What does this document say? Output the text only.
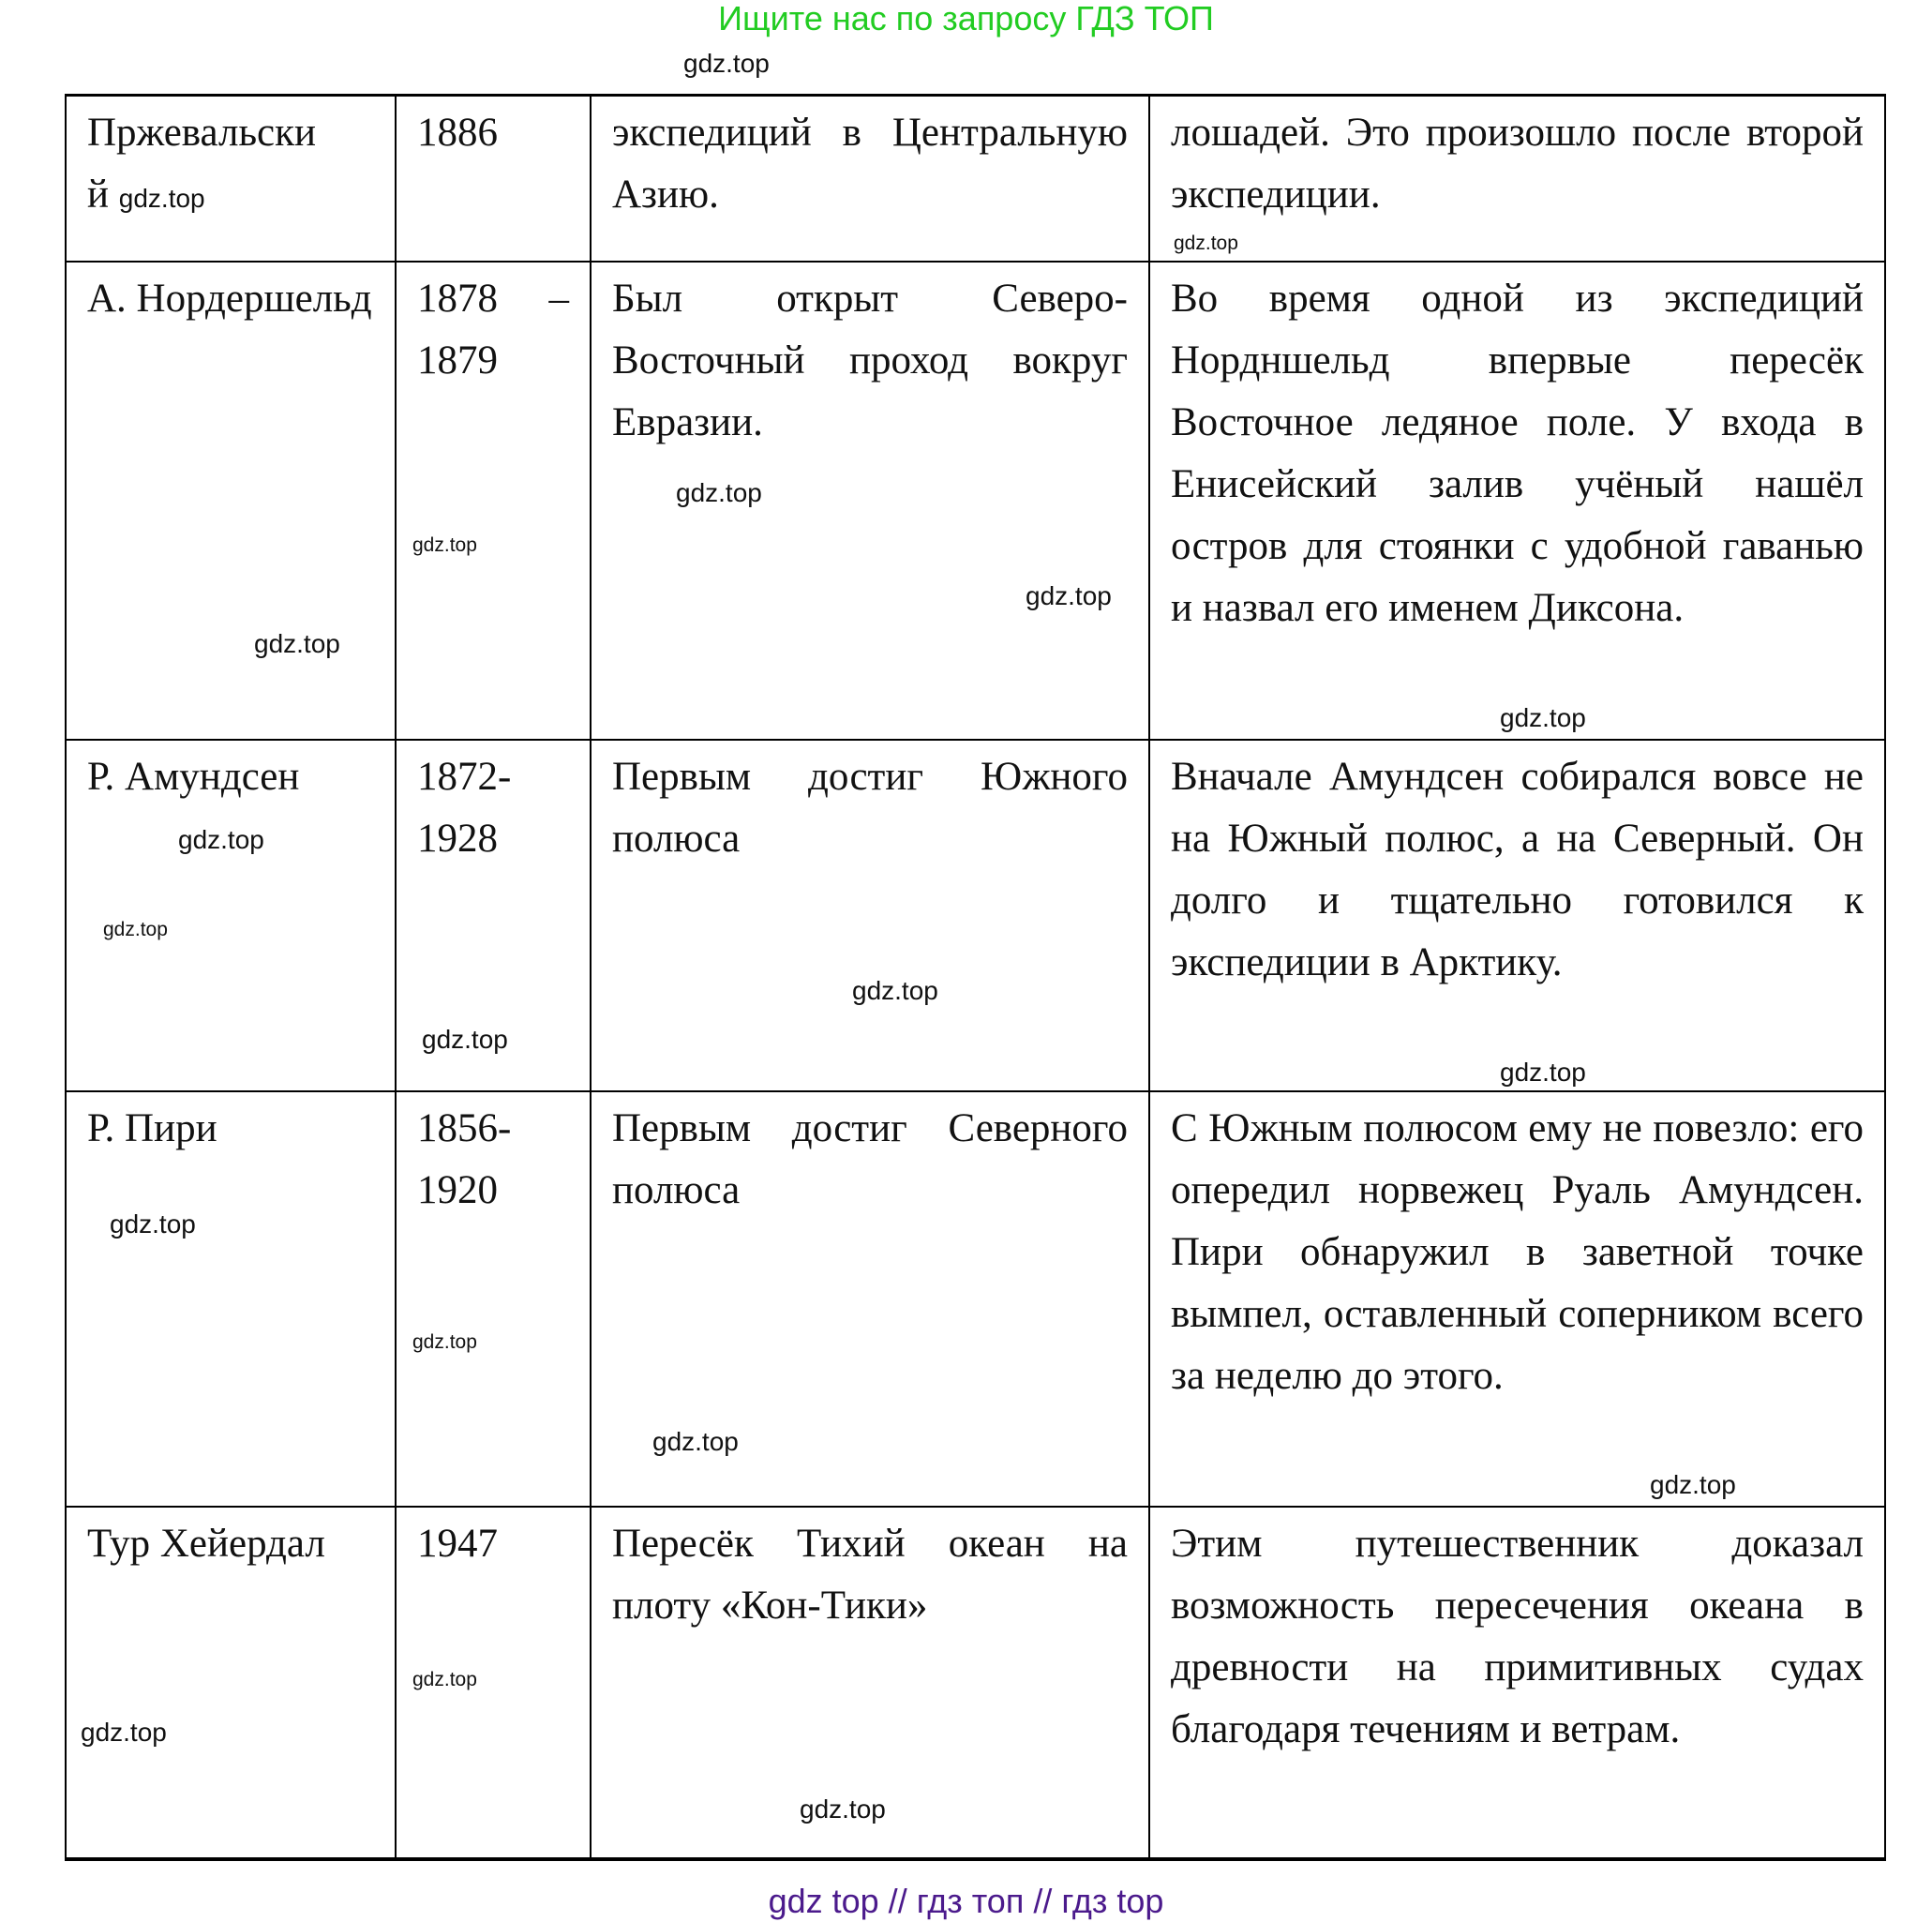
Ищите нас по запросу ГДЗ ТОП
Пржевальски
й gdz.top	1886	экспедиций в Центральную Азию.	лошадей. Это произошло после второй экспедиции.
А. Нордершельд	1878 – 1879	Был открыт Северо-Восточный проход вокруг Евразии.	Во время одной из экспедиций Нордншельд впервые пересёк Восточное ледяное поле. У входа в Енисейский залив учёный нашёл остров для стоянки с удобной гаванью и назвал его именем Диксона.
Р. Амундсен	1872-1928	Первым достиг Южного полюса	Вначале Амундсен собирался вовсе не на Южный полюс, а на Северный. Он долго и тщательно готовился к экспедиции в Арктику.
Р. Пири	1856-1920	Первым достиг Северного полюса	С Южным полюсом ему не повезло: его опередил норвежец Руаль Амундсен. Пири обнаружил в заветной точке вымпел, оставленный соперником всего за неделю до этого.
Тур Хейердал	1947	Пересёк Тихий океан на плоту «Кон-Тики»	Этим путешественник доказал возможность пересечения океана в древности на примитивных судах благодаря течениям и ветрам.
gdz.top
gdz.top
gdz.top
gdz.top
gdz.top
gdz.top
gdz.top
gdz.top
gdz.top
gdz.top
gdz.top
gdz.top
gdz.top
gdz.top
gdz.top
gdz.top
gdz.top
gdz.top
gdz.top
gdz top // гдз топ // гдз top
